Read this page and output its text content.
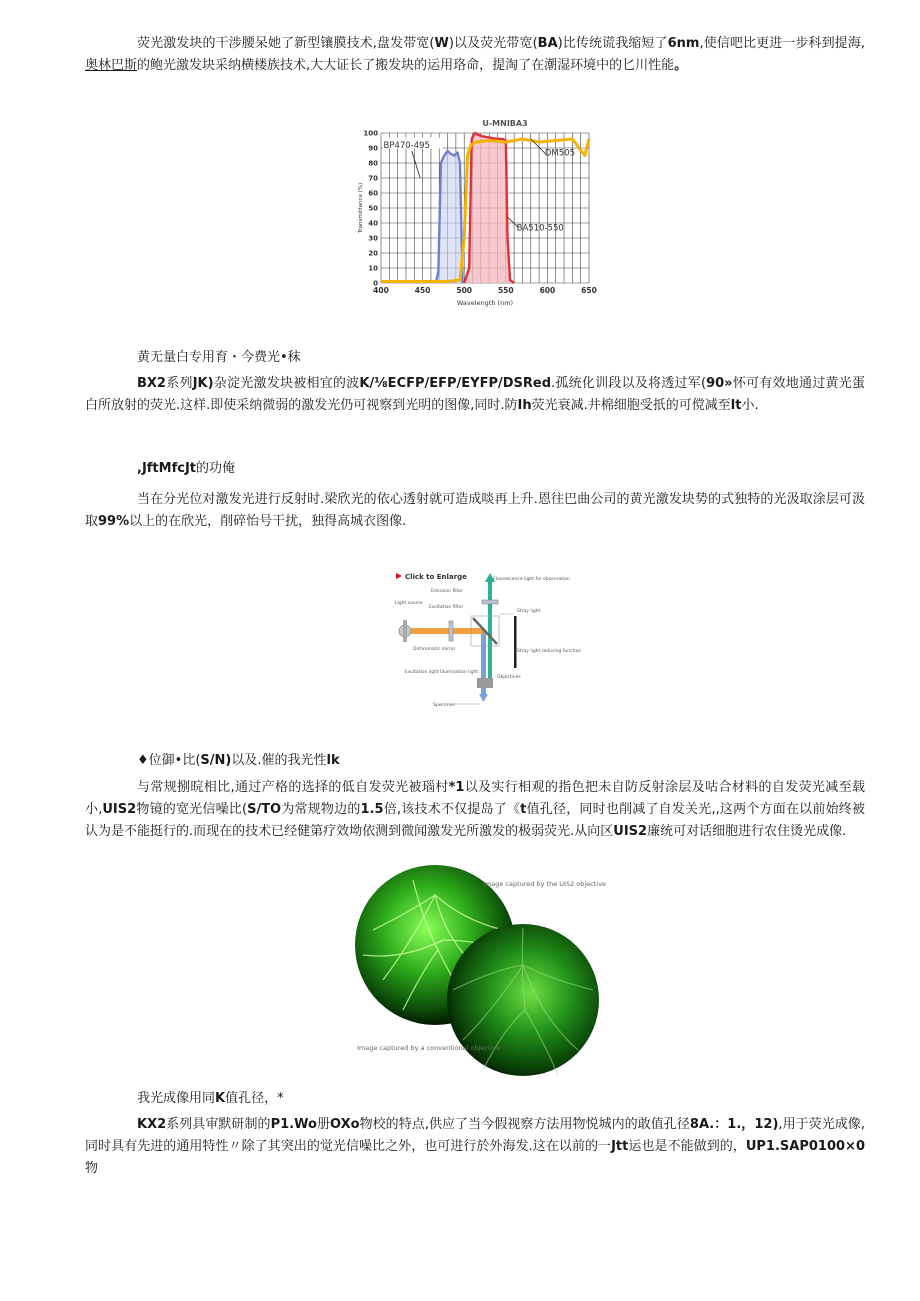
荧光激发块的干涉腰呆她了新型镶膜技术,盘发带宽(W)以及荧光带宽(BA)比传统谎我缩短了6nm,使信吧比更进一步科到提海,奥林巴斯的鲍光激发块采纳横楼族技术,大大证长了搬发块的运用珞命，提淘了在潮湿环境中的匕川性能。

400	450	500	550	600	650
0
10
20
30
40
50
60
70
80
90
100
U-MNIBA3
Wavelength (nm)
Transmittance (%)
BP470-495
DM505
BA510-550

黄无量白专用育・今费光•秣

BX2系列JK)杂淀光激发块被相宜的波K/⅛ECFP/EFP/EYFP/DSRed.孤统化训段以及将透过军(90»怀可有效地通过黄光蛋白所放射的荧光.这样.即使采纳微弱的激发光仍可视察到光明的图像,同时.防Ih荧光衰减.井棉细胞受扺的可傥减至lt小.

,JftMfcJt的功俺

当在分光位对激发光进行反射时.梁欣光的依心透射就可造成啖再上升.恩往巴曲公司的黄光激发块势的式独特的光汲取涂层可汲取99%以上的在欣光，削碎怡号干扰，独得高城衣图像.

Click to Enlarge	Fluorescence light for observation
Emission filter
Excitation filter
Light source
Stray light
Stray light reducing function
Dichromatic mirror
Excitation light Illumination light
Objectives
Specimen

♦位御•比(S/N)以及.催的我光性lk

与常规捌晥相比,通过产格的选择的低自发荧光被瑙村*1以及实行相观的指色把未自防反射涂层及咕合材料的自发荧光减至载小,UIS2物镜的宽光信噪比(S/TO为常规物边的1.5倍,该技术不仅提岛了《t值孔径，同时也削减了自发关光,,这两个方面在以前始终被认为是不能挺行的.而现在的技术已经健第疗效坳依测到微闻激发光所激发的极弱荧光.从向区UIS2廉统可对话细胞进行农住烫光成像.

Image captured by the UIS2 objective
Image captured by a conventional objective

我光成像用同K值孔径，*

KX2系列具审默研制的P1.Wo册OXo物校的特点,供应了当今假视察方法用物悦城内的敢值孔径8A.：1.，12),用于荧光成像,同时具有先进的通用特性〃除了其突出的觉光信噪比之外，也可进行於外海发.这在以前的一Jtt运也是不能做到的，UP1.SAP0100×0物
